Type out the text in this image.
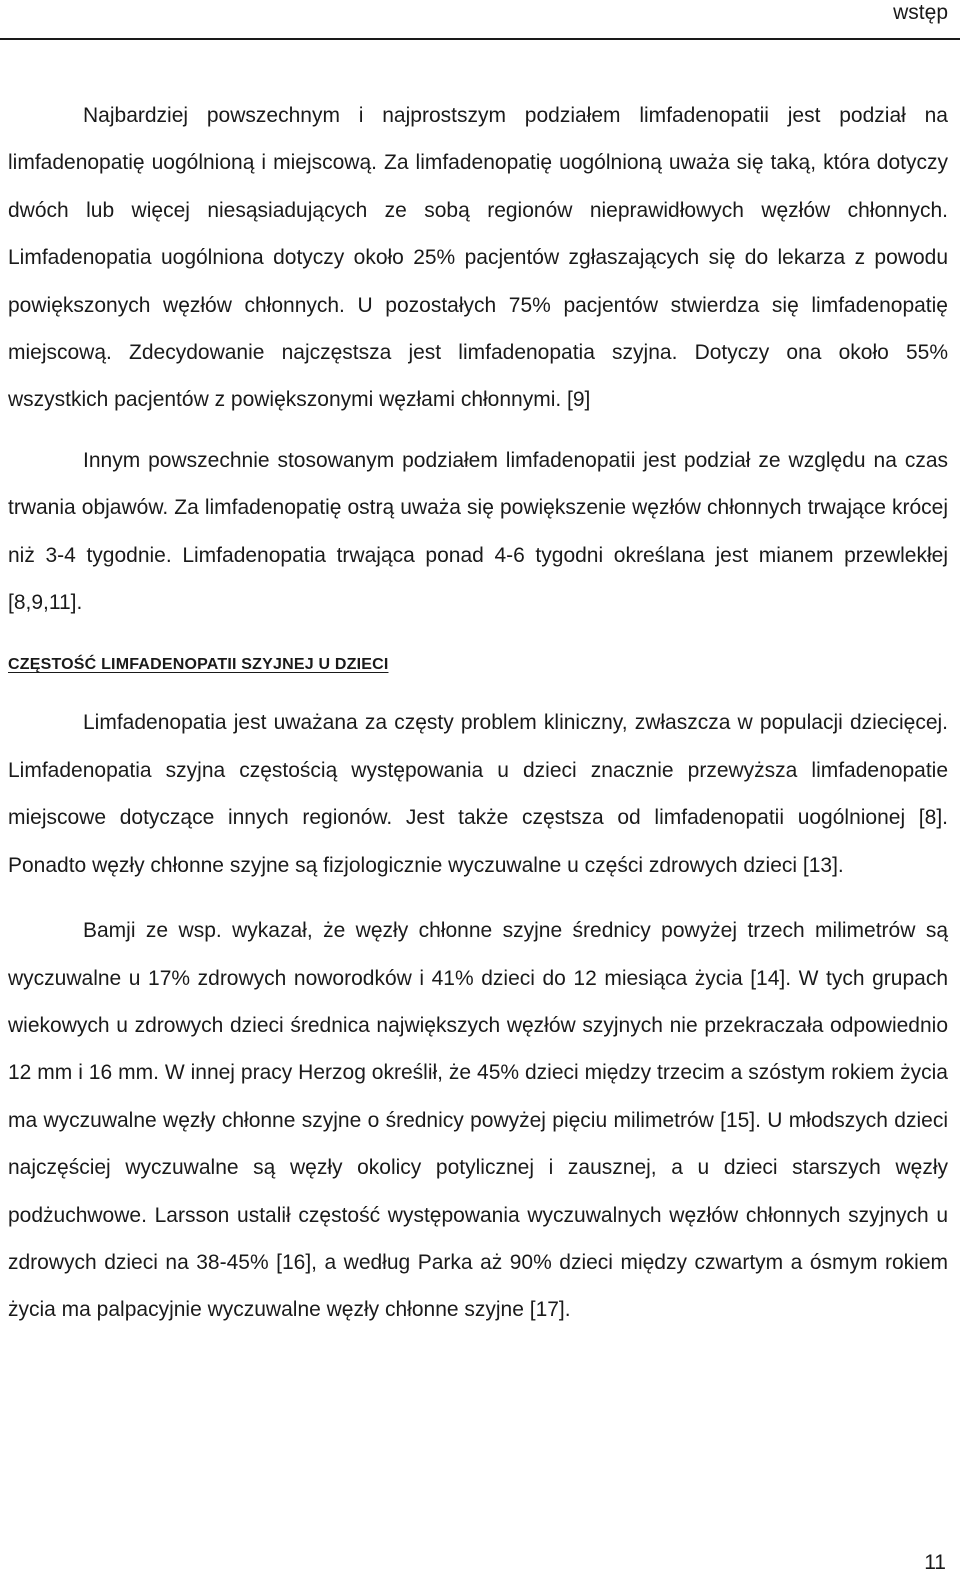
wstęp

Najbardziej powszechnym i najprostszym podziałem limfadenopatii jest podział na limfadenopatię uogólnioną i miejscową. Za limfadenopatię uogólnioną uważa się taką, która dotyczy dwóch lub więcej niesąsiadujących ze sobą regionów nieprawidłowych węzłów chłonnych. Limfadenopatia uogólniona dotyczy około 25% pacjentów zgłaszających się do lekarza z powodu powiększonych węzłów chłonnych. U pozostałych 75% pacjentów stwierdza się limfadenopatię miejscową. Zdecydowanie najczęstsza jest limfadenopatia szyjna. Dotyczy ona około 55% wszystkich pacjentów z powiększonymi węzłami chłonnymi. [9]

Innym powszechnie stosowanym podziałem limfadenopatii jest podział ze względu na czas trwania objawów. Za limfadenopatię ostrą uważa się powiększenie węzłów chłonnych trwające krócej niż 3-4 tygodnie. Limfadenopatia trwająca ponad 4-6 tygodni określana jest mianem przewlekłej [8,9,11].

CZĘSTOŚĆ LIMFADENOPATII SZYJNEJ U DZIECI

Limfadenopatia jest uważana za częsty problem kliniczny, zwłaszcza w populacji dziecięcej. Limfadenopatia szyjna częstością występowania u dzieci znacznie przewyższa limfadenopatie miejscowe dotyczące innych regionów. Jest także częstsza od limfadenopatii uogólnionej [8]. Ponadto węzły chłonne szyjne są fizjologicznie wyczuwalne u części zdrowych dzieci [13].

Bamji ze wsp. wykazał, że węzły chłonne szyjne średnicy powyżej trzech milimetrów są wyczuwalne u 17% zdrowych noworodków i 41% dzieci do 12 miesiąca życia [14]. W tych grupach wiekowych u zdrowych dzieci średnica największych węzłów szyjnych nie przekraczała odpowiednio 12 mm i 16 mm. W innej pracy Herzog określił, że 45% dzieci między trzecim a szóstym rokiem życia ma wyczuwalne węzły chłonne szyjne o średnicy powyżej pięciu milimetrów [15]. U młodszych dzieci najczęściej wyczuwalne są węzły okolicy potylicznej i zausznej, a u dzieci starszych węzły podżuchwowe. Larsson ustalił częstość występowania wyczuwalnych węzłów chłonnych szyjnych u zdrowych dzieci na 38-45% [16], a według Parka aż 90% dzieci między czwartym a ósmym rokiem życia ma palpacyjnie wyczuwalne węzły chłonne szyjne [17].

11
